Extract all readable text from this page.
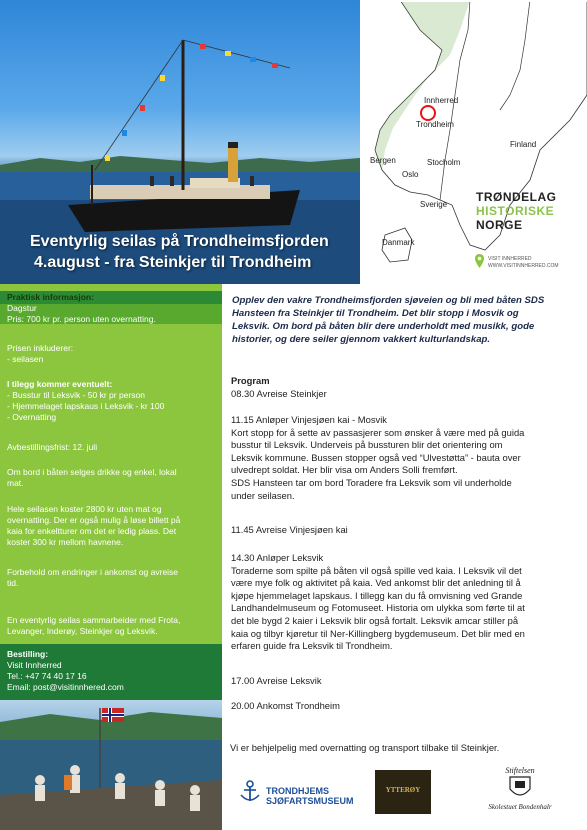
Eventyrlig seilas på Trondheimsfjorden
4.august - fra Steinkjer til Trondheim
Innherred
Trondheim
Bergen	Stocholm
Finland
Oslo
Sverige
Danmark
TRØNDELAG
HISTORISKE
NORGE
VISIT INNHERRED
WWW.VISITINNHERRED.COM
Praktisk informasjon:
Dagstur
Pris: 700 kr pr. person uten overnatting.
Prisen inkluderer:
- seilasen
I tilegg kommer eventuelt:
- Busstur til Leksvik - 50 kr pr person
- Hjemmelaget lapskaus i Leksvik - kr 100
- Overnatting
Avbestillingsfrist: 12. juli
Om bord i båten selges drikke og enkel, lokal
mat.
Hele seilasen koster 2800 kr uten mat og
overnatting. Der er også mulig å løse billett på
kaia for enkeltturer om det er ledig plass. Det
koster 300 kr mellom havnene.
Forbehold om endringer i ankomst og avreise
tid.
En eventyrlig seilas sammarbeider med Frota,
Levanger, Inderøy, Steinkjer og Leksvik.
Bestilling:
Visit Innherred
Tel.: +47 74 40 17 16
Email: post@visitinnhered.com
Opplev den vakre Trondheimsfjorden sjøveien og bli med båten SDS
Hansteen fra Steinkjer til Trondheim. Det blir stopp i Mosvik og
Leksvik. Om bord på båten blir dere underholdt med musikk, gode
historier, og dere seiler gjennom vakkert kulturlandskap.
Program
08.30 Avreise Steinkjer
11.15 Anløper Vinjesjøen kai - Mosvik
Kort stopp for å sette av passasjerer som ønsker å være med på guida
busstur til Leksvik. Underveis på bussturen blir det orientering om
Leksvik kommune. Bussen stopper også ved “Ulvestøtta” - bauta over
ulvedrept soldat. Her blir visa om Anders Solli fremført.
SDS Hansteen tar om bord Toradere fra Leksvik som vil underholde
under seilasen.
11.45 Avreise Vinjesjøen kai
14.30 Anløper Leksvik
Toraderne som spilte på båten vil også spille ved kaia. I Leksvik vil det
være mye folk og aktivitet på kaia. Ved ankomst blir det anledning til å
kjøpe hjemmelaget lapskaus. I tillegg kan du få omvisning ved Grande
Landhandelmuseum og Fotomuseet. Historia om ulykka som førte til at
det ble bygd 2 kaier i Leksvik blir også fortalt. Leksvik amcar stiller på
kaia og tilbyr kjøretur til Ner-Killingberg bygdemuseum. Det blir med en
erfaren guide fra Leksvik til Trondheim.
17.00 Avreise Leksvik
20.00 Ankomst Trondheim
Vi er behjelpelig med overnatting og transport tilbake til Steinkjer.
TRONDHJEMS
SJØFARTSMUSEUM
YTTERØY
Stiftelsen
Skolestuet Bondenhalr
